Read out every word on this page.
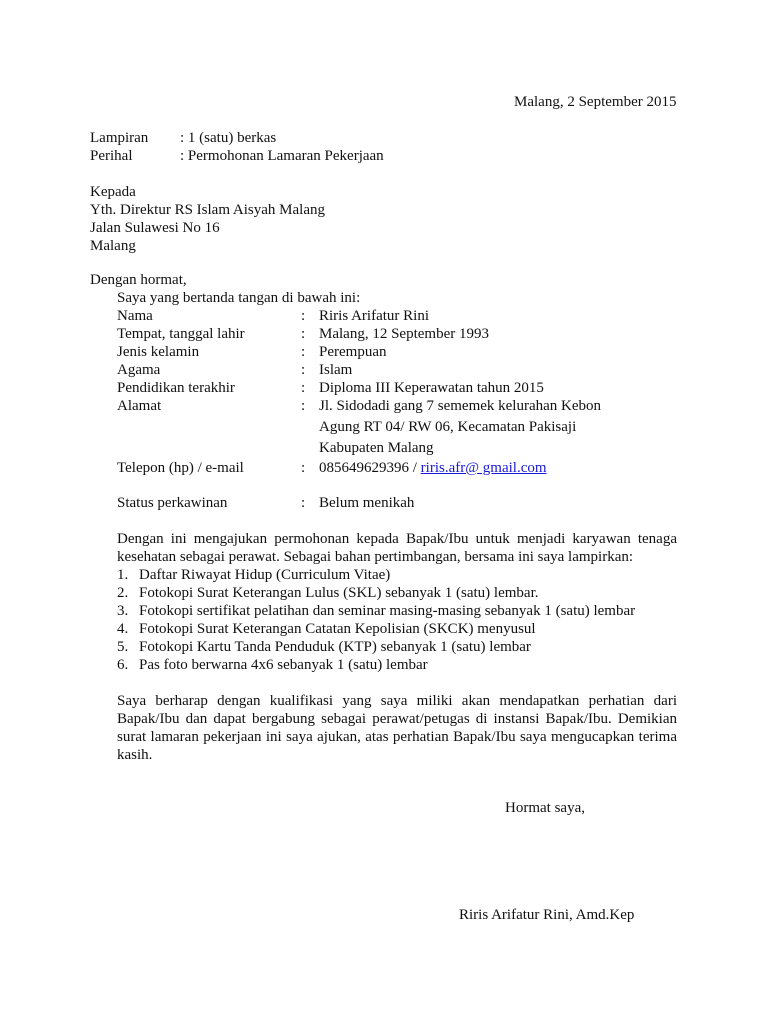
Malang, 2 September 2015
Lampiran : 1 (satu) berkas
Perihal	: Permohonan Lamaran Pekerjaan
Kepada
Yth. Direktur RS Islam Aisyah Malang
Jalan Sulawesi No 16
Malang
Dengan hormat,
Saya yang bertanda tangan di bawah ini:
Nama	: Riris Arifatur Rini
Tempat, tanggal lahir	: Malang, 12 September 1993
Jenis kelamin	: Perempuan
Agama	: Islam
Pendidikan terakhir	: Diploma III Keperawatan tahun 2015
Alamat	: Jl. Sidodadi gang 7 sememek kelurahan Kebon
Agung RT 04/ RW 06, Kecamatan Pakisaji
Kabupaten Malang
Telepon (hp) / e-mail	: 085649629396 / riris.afr@ gmail.com
Status perkawinan	: Belum menikah
Dengan ini mengajukan permohonan kepada Bapak/Ibu untuk menjadi karyawan tenaga
kesehatan sebagai perawat. Sebagai bahan pertimbangan, bersama ini saya lampirkan:
1. Daftar Riwayat Hidup (Curriculum Vitae)
2. Fotokopi Surat Keterangan Lulus (SKL) sebanyak 1 (satu) lembar.
3. Fotokopi sertifikat pelatihan dan seminar masing-masing sebanyak 1 (satu) lembar
4. Fotokopi Surat Keterangan Catatan Kepolisian (SKCK) menyusul
5. Fotokopi Kartu Tanda Penduduk (KTP) sebanyak 1 (satu) lembar
6. Pas foto berwarna 4x6 sebanyak 1 (satu) lembar
Saya berharap dengan kualifikasi yang saya miliki akan mendapatkan perhatian dari
Bapak/Ibu dan dapat bergabung sebagai perawat/petugas di instansi Bapak/Ibu. Demikian
surat lamaran pekerjaan ini saya ajukan, atas perhatian Bapak/Ibu saya mengucapkan terima
kasih.
Hormat saya,
Riris Arifatur Rini, Amd.Kep
